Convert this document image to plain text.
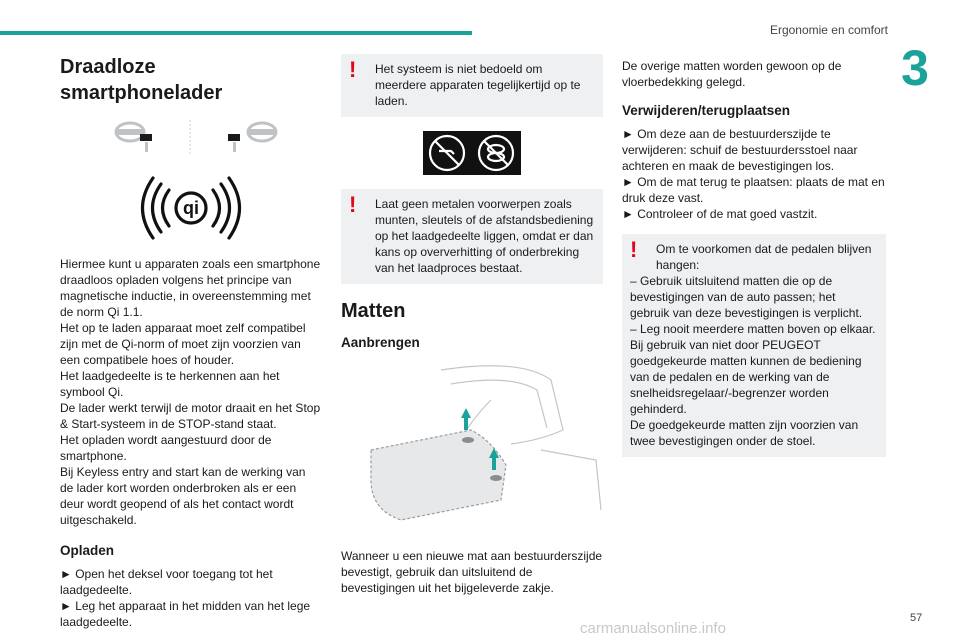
Ergonomie en comfort
3
Draadloze smartphonelader
qi

Hiermee kunt u apparaten zoals een smartphone draadloos opladen volgens het principe van magnetische inductie, in overeenstemming met de norm Qi 1.1.

Het op te laden apparaat moet zelf compatibel zijn met de Qi-norm of moet zijn voorzien van een compatibele hoes of houder.

Het laadgedeelte is te herkennen aan het symbool Qi.

De lader werkt terwijl de motor draait en het Stop & Start-systeem in de STOP-stand staat.

Het opladen wordt aangestuurd door de smartphone.

Bij Keyless entry and start kan de werking van de lader kort worden onderbroken als er een deur wordt geopend of als het contact wordt uitgeschakeld.

Opladen

► Open het deksel voor toegang tot het laadgedeelte.

► Leg het apparaat in het midden van het lege laadgedeelte.

!	Het systeem is niet bedoeld om meerdere apparaten tegelijkertijd op te laden.

!	Laat geen metalen voorwerpen zoals munten, sleutels of de afstandsbediening op het laadgedeelte liggen, omdat er dan kans op oververhitting of onderbreking van het laadproces bestaat.

Matten
Aanbrengen

Wanneer u een nieuwe mat aan bestuurderszijde bevestigt, gebruik dan uitsluitend de bevestigingen uit het bijgeleverde zakje.

De overige matten worden gewoon op de vloerbedekking gelegd.

Verwijderen/terugplaatsen

► Om deze aan de bestuurderszijde te verwijderen: schuif de bestuurdersstoel naar achteren en maak de bevestigingen los.

► Om de mat terug te plaatsen: plaats de mat en druk deze vast.

► Controleer of de mat goed vastzit.

!	Om te voorkomen dat de pedalen blijven hangen:

– Gebruik uitsluitend matten die op de bevestigingen van de auto passen; het gebruik van deze bevestigingen is verplicht.

– Leg nooit meerdere matten boven op elkaar.

Bij gebruik van niet door PEUGEOT goedgekeurde matten kunnen de bediening van de pedalen en de werking van de snelheidsregelaar/-begrenzer worden gehinderd.

De goedgekeurde matten zijn voorzien van twee bevestigingen onder de stoel.

carmanualsonline.info
57
